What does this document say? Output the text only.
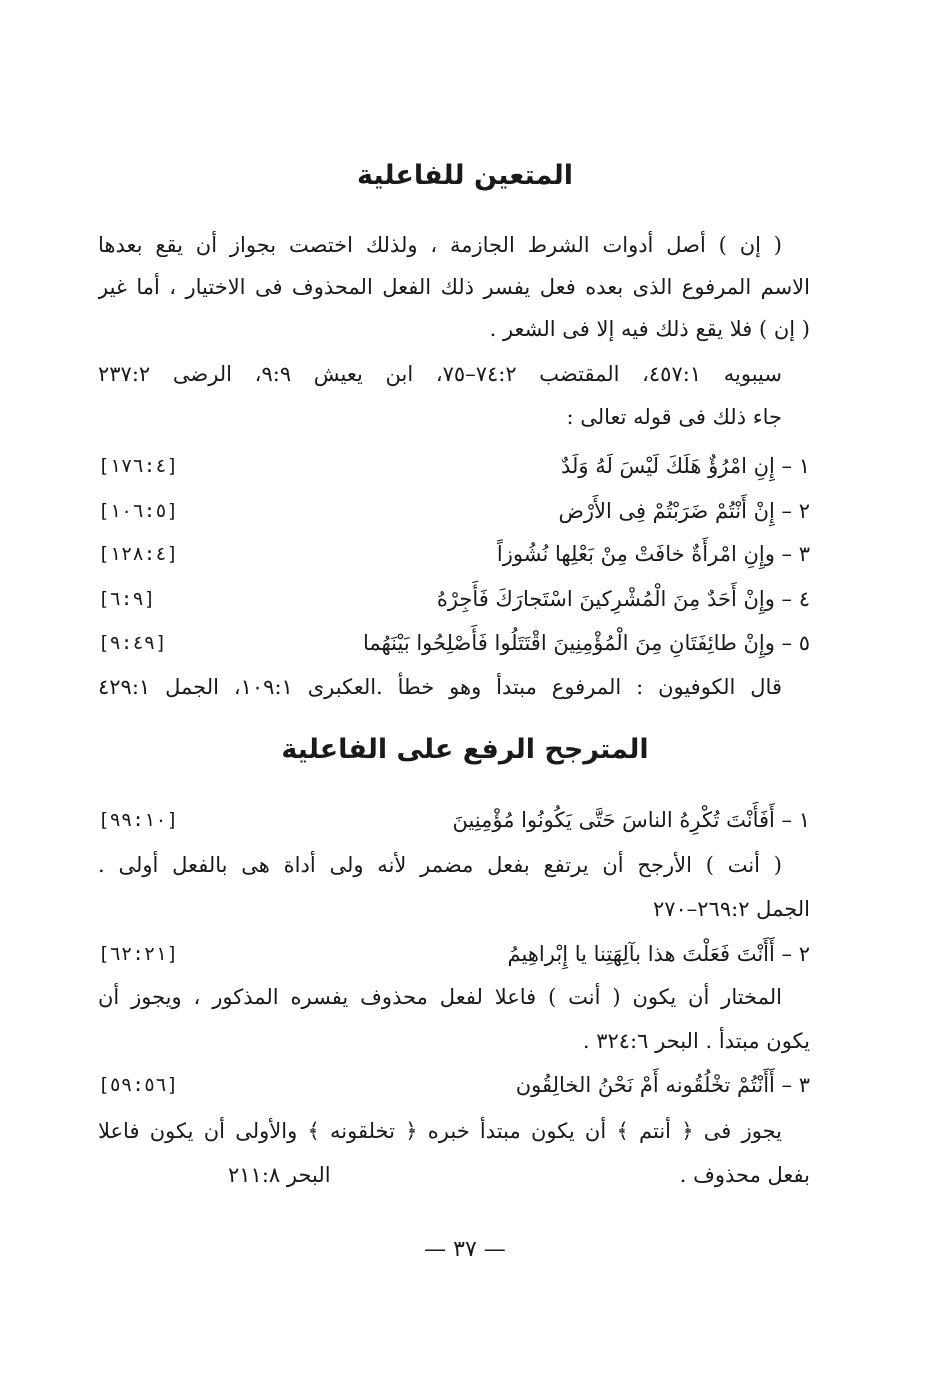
المتعين للفاعلية
( إن ) أصل أدوات الشرط الجازمة ، ولذلك اختصت بجواز أن يقع بعدها
الاسم المرفوع الذى بعده فعل يفسر ذلك الفعل المحذوف فى الاختيار ، أما غير
( إن ) فلا يقع ذلك فيه إلا فى الشعر .
سيبويه ٤٥٧:١، المقتضب ٧٤:٢–٧٥، ابن يعيش ٩:٩، الرضى ٢٣٧:٢
جاء ذلك فى قوله تعالى :
١ – إِنِ امْرُؤٌ هَلَكَ لَيْسَ لَهُ وَلَدٌ
[١٧٦:٤]
٢ – إِنْ أَنْتُمْ ضَرَبْتُمْ فِى الأَرْض
[١٠٦:٥]
٣ – وإِنِ امْرأَةٌ خافَتْ مِنْ بَعْلِها نُشُوزاً
[١٢٨:٤]
٤ – وإِنْ أَحَدٌ مِنَ الْمُشْرِكينَ اسْتَجارَكَ فَأَجِرْهُ
[٦:٩]
٥ – وإِنْ طائِفَتَانِ مِنَ الْمُؤْمِنِينَ اقْتَتَلُوا فَأَصْلِحُوا بَيْنَهُما
[٩:٤٩]
قال الكوفيون : المرفوع مبتدأ وهو خطأ .العكبرى ١٠٩:١، الجمل ٤٢٩:١
المترجح الرفع على الفاعلية
١ – أَفَأَنْتَ تُكْرِهُ الناسَ حَتَّى يَكُونُوا مُؤْمِنِينَ
[٩٩:١٠]
( أنت ) الأرجح أن يرتفع بفعل مضمر لأنه ولى أداة هى بالفعل أولى .
الجمل ٢٦٩:٢–٢٧٠
٢ – أَأَنْتَ فَعَلْتَ هذا بآلِهَتِنا يا إِبْراهِيمُ
[٦٢:٢١]
المختار أن يكون ( أنت ) فاعلا لفعل محذوف يفسره المذكور ، ويجوز أن
يكون مبتدأ . البحر ٣٢٤:٦ .
٣ – أَأَنْتُمْ تخْلُقُونه أَمْ نَحْنُ الخالِقُون
[٥٩:٥٦]
يجوز فى ﴿ أنتم ﴾ أن يكون مبتدأ خبره ﴿ تخلقونه ﴾ والأولى أن يكون فاعلا
بفعل محذوف .
البحر ٢١١:٨
— ٣٧ —
